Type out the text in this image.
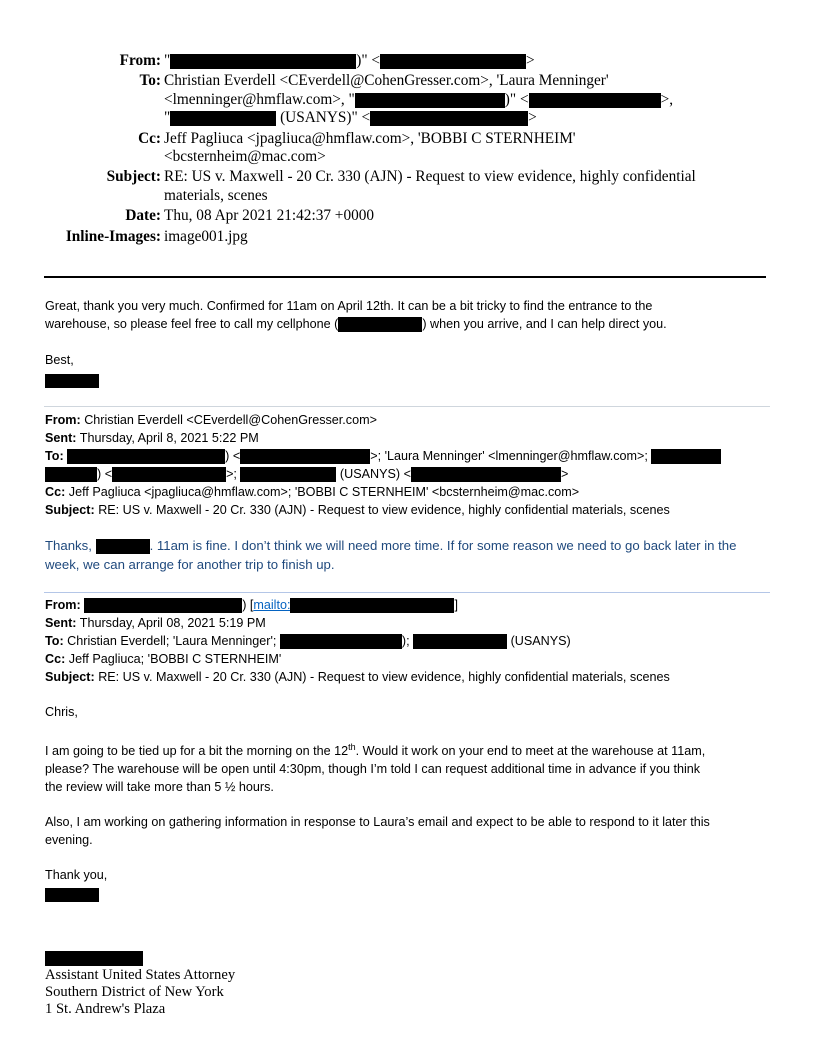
From: "	)" <	>
To: Christian Everdell <CEverdell@CohenGresser.com>, 'Laura Menninger'
<lmenninger@hmflaw.com>, "	)" <	>,
"	(USANYS)" <	>
Cc: Jeff Pagliuca <jpagliuca@hmflaw.com>, 'BOBBI C STERNHEIM'
<bcsternheim@mac.com>
Subject: RE: US v. Maxwell - 20 Cr. 330 (AJN) - Request to view evidence, highly confidential
materials, scenes
Date: Thu, 08 Apr 2021 21:42:37 +0000
Inline-Images: image001.jpg

Great, thank you very much. Confirmed for 11am on April 12th. It can be a bit tricky to find the entrance to the
warehouse, so please feel free to call my cellphone (	) when you arrive, and I can help direct you.

Best,

From: Christian Everdell <CEverdell@CohenGresser.com>
Sent: Thursday, April 8, 2021 5:22 PM
To:	) <	>; 'Laura Menninger' <lmenninger@hmflaw.com>;
) <	>;	(USANYS) <	>
Cc: Jeff Pagliuca <jpagliuca@hmflaw.com>; 'BOBBI C STERNHEIM' <bcsternheim@mac.com>
Subject: RE: US v. Maxwell - 20 Cr. 330 (AJN) - Request to view evidence, highly confidential materials, scenes

Thanks,	. 11am is fine. I don’t think we will need more time. If for some reason we need to go back later in the
week, we can arrange for another trip to finish up.

From:	) [mailto:	]
Sent: Thursday, April 08, 2021 5:19 PM
To: Christian Everdell; 'Laura Menninger';	);	(USANYS)
Cc: Jeff Pagliuca; 'BOBBI C STERNHEIM'
Subject: RE: US v. Maxwell - 20 Cr. 330 (AJN) - Request to view evidence, highly confidential materials, scenes

Chris,

I am going to be tied up for a bit the morning on the 12th. Would it work on your end to meet at the warehouse at 11am,
please? The warehouse will be open until 4:30pm, though I’m told I can request additional time in advance if you think
the review will take more than 5 ½ hours.

Also, I am working on gathering information in response to Laura’s email and expect to be able to respond to it later this
evening.

Thank you,

Assistant United States Attorney
Southern District of New York
1 St. Andrew's Plaza
